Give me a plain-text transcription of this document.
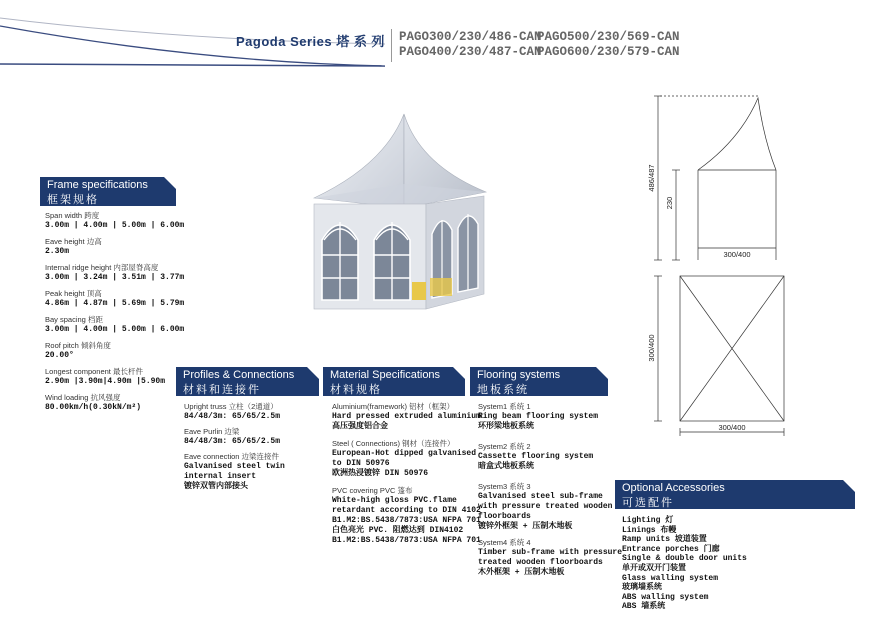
Pagoda Series 塔 系 列 PAGO300/230/486-CANPAGO500/230/569-CAN
PAGO400/230/487-CANPAGO600/230/579-CAN
Frame specifications
框架规格
Span width 跨度
3.00m | 4.00m | 5.00m | 6.00m
Eave height 边高
2.30m
Internal ridge height 内部屋脊高度
3.00m | 3.24m | 3.51m | 3.77m
Peak height 顶高
4.86m | 4.87m | 5.69m | 5.79m
Bay spacing 档距
3.00m | 4.00m | 5.00m | 6.00m
Roof pitch 倾斜角度
20.00°
Longest component 最长杆件
2.90m |3.90m|4.90m |5.90m
Wind loading 抗风强度
80.00km/h(0.30kN/m²)
486/487
230
300/400
300/400
300/400
Profiles & Connections
材料和连接件
Upright truss 立柱（2通道）
84/48/3m: 65/65/2.5m
Eave Purlin 边梁
84/48/3m: 65/65/2.5m
Eave connection 边梁连接件
Galvanised steel twin internal insert
镀锌双管内部接头
Material Specifications
材料规格
Aluminium(framework) 铝材（框架）
Hard pressed extruded aluminium
高压强度铝合金
Steel ( Connections) 钢材（连接件）
European-Hot dipped galvanised
to DIN 50976
欧洲热浸镀锌 DIN 50976
PVC covering PVC 篷布
White-high gloss PVC.flame
retardant according to DIN 4102
B1.M2:BS.5438/7873:USA NFPA 701
白色亮光 PVC. 阻燃达到 DIN4102
B1.M2:BS.5438/7873:USA NFPA 701
Flooring systems
地板系统
System1 系统 1
Ring beam flooring system
环形梁地板系统
System2 系统 2
Cassette flooring system
暗盒式地板系统
System3 系统 3
Galvanised steel sub-frame
with pressure treated wooden
floorboards
镀锌外框架 + 压制木地板
System4 系统 4
Timber sub-frame with pressure
treated wooden floorboards
木外框架 + 压制木地板
Optional Accessories
可选配件
Lighting 灯
Linings 布幔
Ramp units 坡道装置
Entrance porches 门廊
Single & double door units
单开或双开门装置
Glass walling system
玻璃墙系统
ABS walling system
ABS 墙系统
